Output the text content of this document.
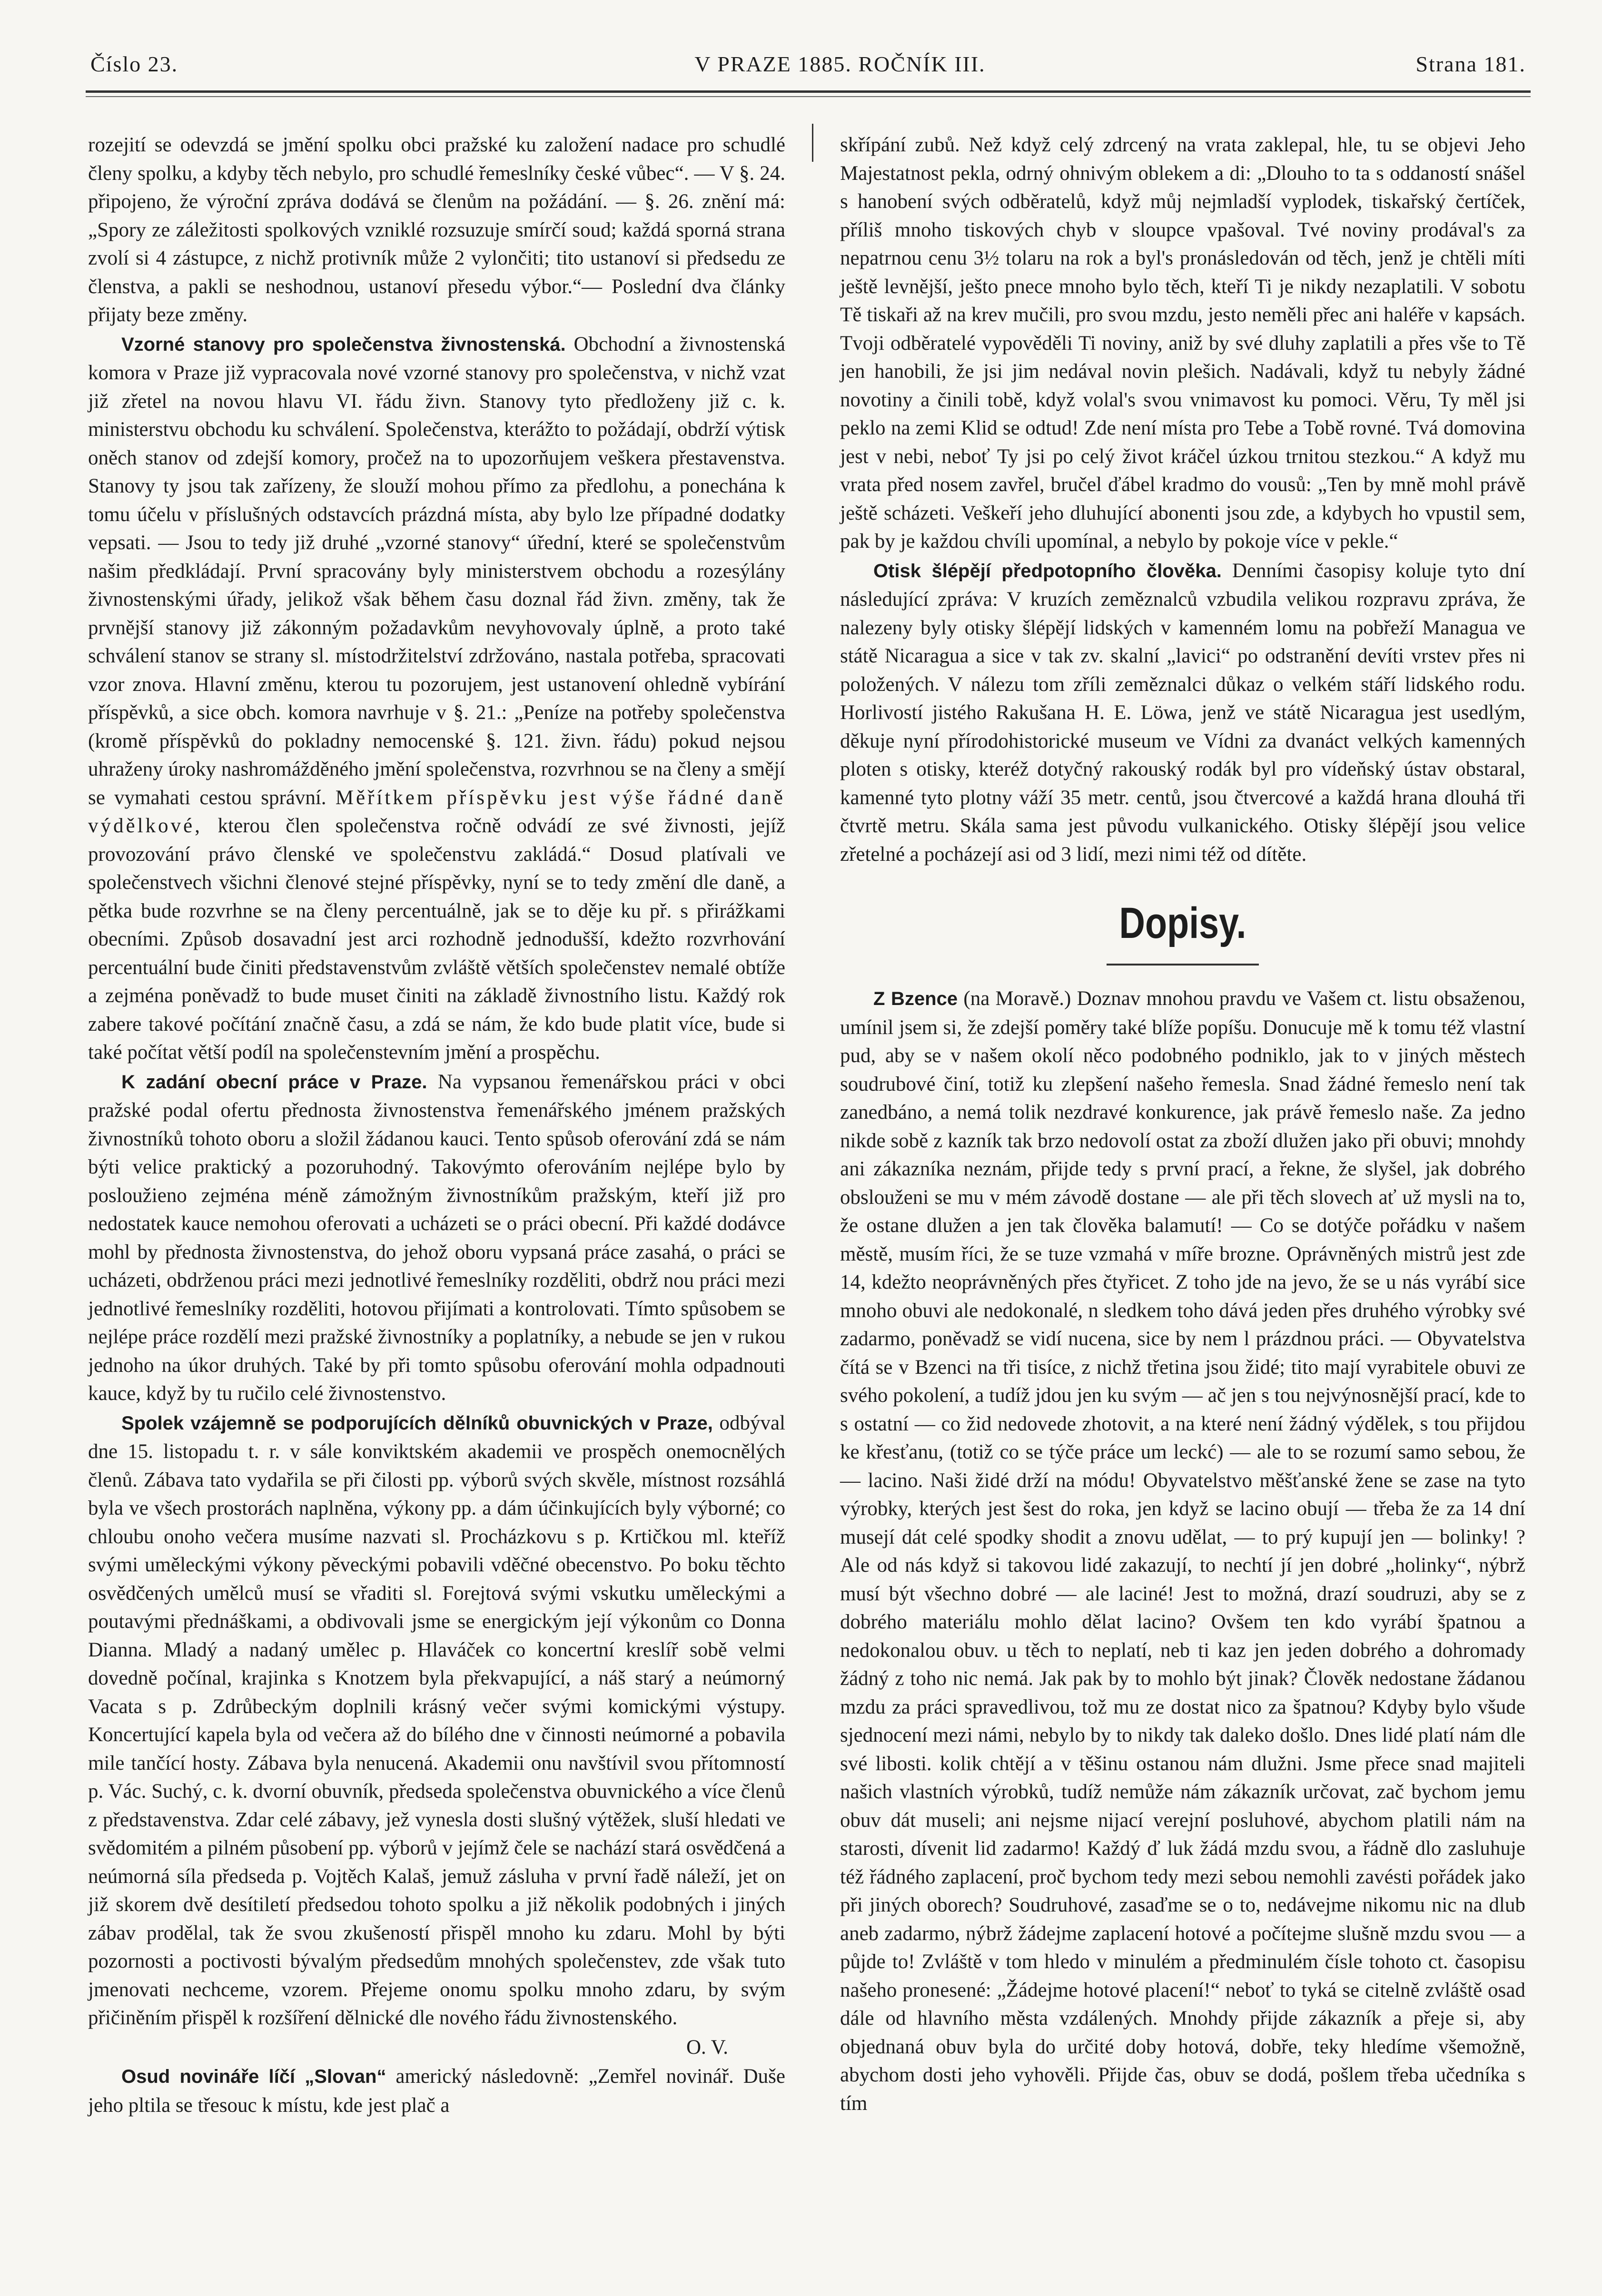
Číslo 23.	V PRAZE 1885. ROČNÍK III.	Strana 181.

rozejití se odevzdá se jmění spolku obci pražské ku založení nadace pro schudlé členy spolku, a kdyby těch nebylo, pro schudlé řemeslníky české vůbec“. — V §. 24. připojeno, že výroční zpráva dodává se členům na požádání. — §. 26. znění má: „Spory ze záležitosti spolkových vzniklé rozsuzuje smírčí soud; každá sporná strana zvolí si 4 zástupce, z nichž protivník může 2 vylončiti; tito ustanoví si předsedu ze členstva, a pakli se neshodnou, ustanoví přesedu výbor.“— Poslední dva články přijaty beze změny.

Vzorné stanovy pro společenstva živnostenská. Obchodní a živnostenská komora v Praze již vypracovala nové vzorné stanovy pro společenstva, v nichž vzat již zřetel na novou hlavu VI. řádu živn. Stanovy tyto předloženy již c. k. ministerstvu obchodu ku schválení. Společenstva, kterážto to požádají, obdrží výtisk oněch stanov od zdejší komory, pročež na to upozorňujem veškera přestavenstva. Stanovy ty jsou tak zařízeny, že slouží mohou přímo za předlohu, a ponechána k tomu účelu v příslušných odstavcích prázdná místa, aby bylo lze případné dodatky vepsati. — Jsou to tedy již druhé „vzorné stanovy“ úřední, které se společenstvům našim předkládají. První spracovány byly ministerstvem obchodu a rozesýlány živnostenskými úřady, jelikož však během času doznal řád živn. změny, tak že prvnější stanovy již zákonným požadavkům nevyhovovaly úplně, a proto také schválení stanov se strany sl. místodržitelství zdržováno, nastala potřeba, spracovati vzor znova. Hlavní změnu, kterou tu pozorujem, jest ustanovení ohledně vybírání příspěvků, a sice obch. komora navrhuje v §. 21.: „Peníze na potřeby společenstva (kromě příspěvků do pokladny nemocenské §. 121. živn. řádu) pokud nejsou uhraženy úroky nashromážděného jmění společenstva, rozvrhnou se na členy a smějí se vymahati cestou správní. Měřítkem příspěvku jest výše řádné daně výdělkové, kterou člen společenstva ročně odvádí ze své živnosti, jejíž provozování právo členské ve společenstvu zakládá.“ Dosud platívali ve společenstvech všichni členové stejné příspěvky, nyní se to tedy změní dle daně, a pětka bude rozvrhne se na členy percentuálně, jak se to děje ku př. s přirážkami obecními. Způsob dosavadní jest arci rozhodně jednodušší, kdežto rozvrhování percentuální bude činiti představenstvům zvláště větších společenstev nemalé obtíže a zejména poněvadž to bude muset činiti na základě živnostního listu. Každý rok zabere takové počítání značně času, a zdá se nám, že kdo bude platit více, bude si také počítat větší podíl na společenstevním jmění a prospěchu.

K zadání obecní práce v Praze. Na vypsanou řemenářskou práci v obci pražské podal ofertu přednosta živnostenstva řemenářského jménem pražských živnostníků tohoto oboru a složil žádanou kauci. Tento spůsob oferování zdá se nám býti velice praktický a pozoruhodný. Takovýmto oferováním nejlépe bylo by posloužieno zejména méně zámožným živnostníkům pražským, kteří již pro nedostatek kauce nemohou oferovati a ucházeti se o práci obecní. Při každé dodávce mohl by přednosta živnostenstva, do jehož oboru vypsaná práce zasahá, o práci se ucházeti, obdrženou práci mezi jednotlivé řemeslníky rozděliti, obdrž nou práci mezi jednotlivé řemeslníky rozděliti, hotovou přijímati a kontrolovati. Tímto spůsobem se nejlépe práce rozdělí mezi pražské živnostníky a poplatníky, a nebude se jen v rukou jednoho na úkor druhých. Také by při tomto spůsobu oferování mohla odpadnouti kauce, když by tu ručilo celé živnostenstvo.

Spolek vzájemně se podporujících dělníků obuvnických v Praze, odbýval dne 15. listopadu t. r. v sále konviktském akademii ve prospěch onemocnělých členů. Zábava tato vydařila se při čilosti pp. výborů svých skvěle, místnost rozsáhlá byla ve všech prostorách naplněna, výkony pp. a dám účinkujících byly výborné; co chloubu onoho večera musíme nazvati sl. Procházkovu s p. Krtičkou ml. kteříž svými uměleckými výkony pěveckými pobavili vděčné obecenstvo. Po boku těchto osvědčených umělců musí se vřaditi sl. Forejtová svými vskutku uměleckými a poutavými přednáškami, a obdivovali jsme se energickým její výkonům co Donna Dianna. Mladý a nadaný umělec p. Hlaváček co koncertní kreslíř sobě velmi dovedně počínal, krajinka s Knotzem byla překvapující, a náš starý a neúmorný Vacata s p. Zdrůbeckým doplnili krásný večer svými komickými výstupy. Koncertující kapela byla od večera až do bílého dne v činnosti neúmorné a pobavila mile tančící hosty. Zábava byla nenucená. Akademii onu navštívil svou přítomností p. Vác. Suchý, c. k. dvorní obuvník, předseda společenstva obuvnického a více členů z představenstva. Zdar celé zábavy, jež vynesla dosti slušný výtěžek, sluší hledati ve svědomitém a pilném působení pp. výborů v jejímž čele se nachází stará osvědčená a neúmorná síla předseda p. Vojtěch Kalaš, jemuž zásluha v první řadě náleží, jet on již skorem dvě desítiletí předsedou tohoto spolku a již několik podobných i jiných zábav prodělal, tak že svou zkušeností přispěl mnoho ku zdaru. Mohl by býti pozornosti a poctivosti bývalým předsedům mnohých společenstev, zde však tuto jmenovati nechceme, vzorem. Přejeme onomu spolku mnoho zdaru, by svým přičiněním přispěl k rozšíření dělnické dle nového řádu živnostenského.

O. V.

Osud novináře líčí „Slovan“ americký následovně: „Zemřel novinář. Duše jeho pltila se třesouc k místu, kde jest plač a

skřípání zubů. Než když celý zdrcený na vrata zaklepal, hle, tu se objevi Jeho Majestatnost peklа, odrný ohnivým oblekem a di: „Dlouho to ta s oddaností snášel s hanobení svých odběratelů, když můj nejmladší vyplodek, tiskařský čertíček, příliš mnoho tiskových chyb v sloupce vpašoval. Tvé noviny prodával's za nepatrnou cenu 3½ tolaru na rok a byl's pronásledován od těch, jenž je chtěli míti ještě levnější, ješto pnece mnoho bylo těch, kteří Ti je nikdy nezaplatili. V sobotu Tě tiskaři až na krev mučili, pro svou mzdu, jesto neměli přec ani haléře v kapsách. Tvoji odběratelé vypověděli Ti noviny, aniž by své dluhy zaplatili a přes vše to Tě jen hanobili, že jsi jim nedával novin plešich. Nadávali, když tu nebyly žádné novotiny a činili tobě, když volal's svou vnimavost ku pomoci. Věru, Ty měl jsi peklo na zemi Klid se odtud! Zde není místa pro Tebe a Tobě rovné. Tvá domovina jest v nebi, neboť Ty jsi po celý život kráčel úzkou trnitou stezkou.“ A když mu vrata před nosem zavřel, bručel ďábel kradmo do vousů: „Ten by mně mohl právě ještě scházeti. Veškeří jeho dluhující abonenti jsou zde, a kdybych ho vpustil sem, pak by je každou chvíli upomínal, a nebylo by pokoje více v pekle.“

Otisk šlépějí předpotopního člověka. Denními časopisy koluje tyto dní následující zpráva: V kruzích zeměznalců vzbudila velikou rozpravu zpráva, že nalezeny byly otisky šlépějí lidských v kamenném lomu na pobřeží Managua ve státě Nicaragua a sice v tak zv. skalní „lavici“ po odstranění devíti vrstev přes ni položených. V nálezu tom zříli zeměznalci důkaz o velkém stáří lidského rodu. Horlivostí jistého Rakušana H. E. Löwa, jenž ve státě Nicaragua jest usedlým, děkuje nyní přírodohistorické museum ve Vídni za dvanáct velkých kamenných ploten s otisky, kteréž dotyčný rakouský rodák byl pro vídeňský ústav obstaral, kamenné tyto plotny váží 35 metr. centů, jsou čtvercové a každá hrana dlouhá tři čtvrtě metru. Skála sama jest původu vulkanického. Otisky šlépějí jsou velice zřetelné a pocházejí asi od 3 lidí, mezi nimi též od dítěte.

Dopisy.

Z Bzence (na Moravě.) Doznav mnohou pravdu ve Vašem ct. listu obsaženou, umínil jsem si, že zdejší poměry také blíže popíšu. Donucuje mě k tomu též vlastní pud, aby se v našem okolí něco podobného podniklo, jak to v jiných městech soudrubové činí, totiž ku zlepšení našeho řemesla. Snad žádné řemeslo není tak zanedbáno, a nemá tolik nezdravé konkurence, jak právě řemeslo naše. Za jedno nikde sobě z kazník tak brzo nedovolí ostat za zboží dlužen jako při obuvi; mnohdy ani zákazníka neznám, přijde tedy s první prací, a řekne, že slyšel, jak dobrého obslouženi se mu v mém závodě dostane — ale při těch slovech ať už mysli na to, že ostane dlužen a jen tak člověka balamutí! — Co se dotýče pořádku v našem městě, musím říci, že se tuze vzmahá v míře brozne. Oprávněných mistrů jest zde 14, kdežto neoprávněných přes čtyřicet. Z toho jde na jevo, že se u nás vyrábí sice mnoho obuvi ale nedokonalé, n sledkem toho dává jeden přes druhého výrobky své zadarmo, poněvadž se vidí nucena, sice by nem l prázdnou práci. — Obyvatelstva čítá se v Bzenci na tři tisíce, z nichž třetina jsou židé; tito mají vyrabitele obuvi ze svého pokolení, a tudíž jdou jen ku svým — ač jen s tou nejvýnosnější prací, kde to s ostatní — co žid nedovede zhotovit, a na které není žádný výdělek, s tou přijdou ke křesťanu, (totiž co se týče práce um leckć) — ale to se rozumí samo sebou, že — lacino. Naši židé drží na módu! Obyvatelstvo měšťanské žene se zase na tyto výrobky, kterých jest šest do roka, jen když se lacino obují — třeba že za 14 dní musejí dát celé spodky shodit a znovu udělat, — to prý kupují jen — bolinky! ? Ale od nás když si takovou lidé zakazují, to nechtí jí jen dobré „holinky“, nýbrž musí být všechno dobré — ale laciné! Jest to možná, drazí soudruzi, aby se z dobrého materiálu mohlo dělat lacino? Ovšem ten kdo vyrábí špatnou a nedokonalou obuv. u těch to neplatí, neb ti kaz jen jeden dobrého a dohromady žádný z toho nic nemá. Jak pak by to mohlo být jinak? Člověk nedostane žádanou mzdu za práci spravedlivou, tož mu ze dostat nico za špatnou? Kdyby bylo všude sjednocení mezi námi, nebylo by to nikdy tak daleko došlo. Dnes lidé platí nám dle své libosti. kolik chtějí a v těšinu ostanou nám dlužni. Jsme přece snad majiteli našich vlastních výrobků, tudíž nemůže nám zákazník určovat, zač bychom jemu obuv dát museli; ani nejsme nijací verejní posluhové, abychom platili nám na starosti, dívenit lid zadarmo! Každý ď luk žádá mzdu svou, a řádně dlo zasluhuje též řádného zaplacení, proč bychom tedy mezi sebou nemohli zavésti pořádek jako při jiných oborech? Soudruhové, zasaďme se o to, nedávejme nikomu nic na dlub aneb zadarmo, nýbrž žádejme zaplacení hotové a počítejme slušně mzdu svou — a půjde to! Zvláště v tom hledo v minulém a předminulém čísle tohoto ct. časopisu našeho pronesené: „Žádejme hotové placení!“ neboť to tyká se citelně zvláště osad dále od hlavního města vzdálených. Mnohdy přijde zákazník a přeje si, aby objednaná obuv byla do určité doby hotová, dobře, teky hledíme všemožně, abychom dosti jeho vyhověli. Přijde čas, obuv se dodá, pošlem třeba učedníka s tím
